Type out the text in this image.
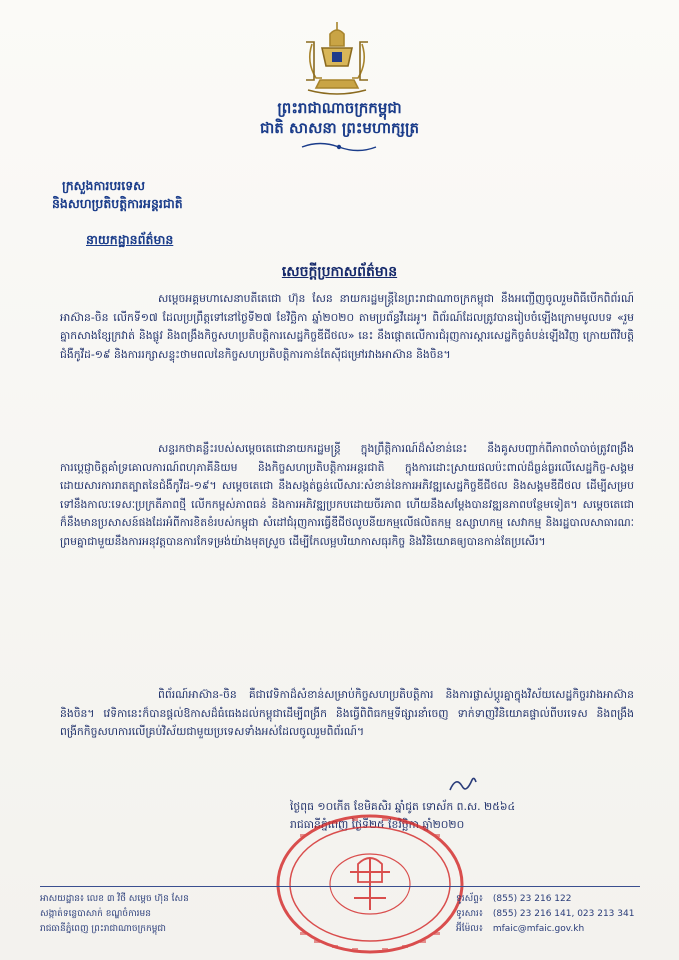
ព្រះរាជាណាចក្រកម្ពុជា
ជាតិ សាសនា ព្រះមហាក្សត្រ
ក្រសួងការបរទេស
និងសហប្រតិបត្តិការអន្តរជាតិ
នាយកដ្ឋានព័ត៌មាន
សេចក្តីប្រកាសព័ត៌មាន

សម្តេចអគ្គមហាសេនាបតីតេជោ ហ៊ុន សែន នាយករដ្ឋមន្ត្រីនៃព្រះរាជាណាចក្រកម្ពុជា នឹងអញ្ជើញចូលរួមពិធីបើកពិព័រណ៍អាស៊ាន-ចិន លើកទី១៧ ដែលប្រព្រឹត្តទៅនៅថ្ងៃទី២៧ ខែវិច្ឆិកា ឆ្នាំ២០២០ តាមប្រព័ន្ធវីដេអូ។ ពិព័រណ៍ដែលត្រូវបានរៀបចំឡើងក្រោមមូលបទ «រួមគ្នាកសាងខ្សែក្រវាត់ និងផ្លូវ និងពង្រឹងកិច្ចសហប្រតិបត្តិការសេដ្ឋកិច្ចឌីជីថល» នេះ នឹងផ្តោតលើការជំរុញការស្តារសេដ្ឋកិច្ចតំបន់ឡើងវិញ ក្រោយពីវិបត្តិជំងឺកូវីដ-១៩ និងការរក្សាសន្ទុះថាមពលនៃកិច្ចសហប្រតិបត្តិការកាន់តែស៊ីជម្រៅរវាងអាស៊ាន និងចិន។

សន្ទរកថាគន្លឹះរបស់សម្តេចតេជោនាយករដ្ឋមន្ត្រី ក្នុងព្រឹត្តិការណ៍ដ៏សំខាន់នេះ នឹងគូសបញ្ជាក់ពីភាពចាំបាច់ត្រូវពង្រឹងការប្តេជ្ញាចិត្តគាំទ្រគោលការណ៍ពហុភាគីនិយម និងកិច្ចសហប្រតិបត្តិការអន្តរជាតិ ក្នុងការដោះស្រាយផលប៉ះពាល់ដ៏ធ្ងន់ធ្ងរលើសេដ្ឋកិច្ច-សង្គម ដោយសារការរាតត្បាតនៃជំងឺកូវីដ-១៩។ សម្តេចតេជោ នឹងសង្កត់ធ្ងន់លើសារៈសំខាន់នៃការអភិវឌ្ឍសេដ្ឋកិច្ចឌីជីថល និងសង្គមឌីជីថល ដើម្បីសម្របទៅនឹងកាលៈទេសៈប្រក្រតីភាពថ្មី លើកកម្ពស់ភាពធន់ និងការអភិវឌ្ឍប្រកបដោយចីរភាព ហើយនឹងសម្តែងបានវឌ្ឍនភាពបន្ថែមទៀត។ សម្តេចតេជោ ក៏នឹងមានប្រសាសន៍ផងដែរអំពីការខិតខំរបស់កម្ពុជា សំដៅជំរុញការធ្វើឌីជីថលូបនីយកម្មលើផលិតកម្ម ឧស្សាហកម្ម សេវាកម្ម និងរដ្ឋបាលសាធារណៈ ព្រមគ្នាជាមួយនឹងការអនុវត្តបានការកែទម្រង់យ៉ាងមុតស្រួច ដើម្បីកែលម្អបរិយាកាសធុរកិច្ច និងវិនិយោគឲ្យបានកាន់តែប្រសើរ។

ពិព័រណ៍អាស៊ាន-ចិន គឺជាវេទិកាដ៏សំខាន់សម្រាប់កិច្ចសហប្រតិបត្តិការ និងការផ្លាស់ប្តូរគ្នាក្នុងវិស័យសេដ្ឋកិច្ចរវាងអាស៊ាន និងចិន។ វេទិកានេះក៏បានផ្តល់ឱកាសដ៏ធំធេងដល់កម្ពុជាដើម្បីពង្រីក និងធ្វើពិពិធកម្មទីផ្សារនាំចេញ ទាក់ទាញវិនិយោគផ្ទាល់ពីបរទេស និងពង្រឹងពង្រីកកិច្ចសហការលើគ្រប់វិស័យជាមួយប្រទេសទាំងអស់ដែលចូលរួមពិព័រណ៍។

ថ្ងៃពុធ ១០កើត ខែមិគសិរ ឆ្នាំជូត ទោស័ក ព.ស. ២៥៦៤
រាជធានីភ្នំពេញ ថ្ងៃទី២៥ ខែវិច្ឆិកា ឆ្នាំ២០២០
អាសយដ្ឋាន៖ លេខ ៣ វិថី សម្តេច ហ៊ុន សែន
សង្កាត់ទន្លេបាសាក់ ខណ្ឌចំការមន
រាជធានីភ្នំពេញ ព្រះរាជាណាចក្រកម្ពុជា
ទូរស័ព្ទ៖ (855) 23 216 122
ទូរសារ៖ (855) 23 216 141, 023 213 341
អ៊ីម៉ែល៖ mfaic@mfaic.gov.kh
